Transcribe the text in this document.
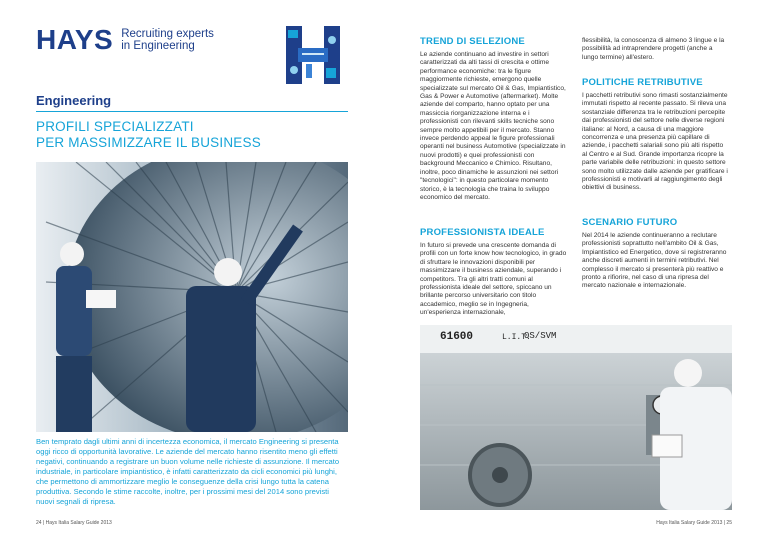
HAYS Recruiting experts
in Engineering
Engineering
PROFILI SPECIALIZZATI
PER MASSIMIZZARE IL BUSINESS
Ben temprato dagli ultimi anni di incertezza economica, il mercato Engineering si presenta oggi ricco di opportunità lavorative. Le aziende del mercato hanno risentito meno gli effetti negativi, continuando a registrare un buon volume nelle richieste di assunzione. Il mercato industriale, in particolare impiantistico, è infatti caratterizzato da cicli economici più lunghi, che permettono di ammortizzare meglio le conseguenze della crisi lungo tutta la catena produttiva. Secondo le stime raccolte, inoltre, per i prossimi mesi del 2014 sono previsti nuovi segnali di ripresa.
24 | Hays Italia Salary Guide 2013
TREND DI SELEZIONE

Le aziende continuano ad investire in settori caratterizzati da alti tassi di crescita e ottime performance economiche: tra le figure maggiormente richieste, emergono quelle specializzate sul mercato Oil & Gas, Impiantistico, Gas & Power e Automotive (aftermarket). Molte aziende del comparto, hanno optato per una massiccia riorganizzazione interna e i professionisti con rilevanti skills tecniche sono sempre molto appetibili per il mercato. Stanno invece perdendo appeal le figure professionali operanti nel business Automotive (specializzate in nuovi prodotti) e quei professionisti con background Meccanico e Chimico. Risultano, inoltre, poco dinamiche le assunzioni nei settori "tecnologici": in questo particolare momento storico, è la tecnologia che traina lo sviluppo economico del mercato.

flessibilità, la conoscenza di almeno 3 lingue e la possibilità ad intraprendere progetti (anche a lungo termine) all'estero.

POLITICHE RETRIBUTIVE

I pacchetti retributivi sono rimasti sostanzialmente immutati rispetto al recente passato. Si rileva una sostanziale differenza tra le retribuzioni percepite dai professionisti del settore nelle diverse regioni italiane: al Nord, a causa di una maggiore concorrenza e una presenza più capillare di aziende, i pacchetti salariali sono più alti rispetto al Centro e al Sud. Grande importanza ricopre la parte variabile delle retribuzioni: in questo settore sono molto utilizzate dalle aziende per gratificare i professionisti e motivarli al raggiungimento degli obiettivi di business.

PROFESSIONISTA IDEALE

In futuro si prevede una crescente domanda di profili con un forte know how tecnologico, in grado di sfruttare le innovazioni disponibili per massimizzare il business aziendale, superando i competitors. Tra gli altri tratti comuni al professionista ideale del settore, spiccano un brillante percorso universitario con titolo accademico, meglio se in Ingegneria, un'esperienza internazionale,

SCENARIO FUTURO

Nel 2014 le aziende continueranno a reclutare professionisti soprattutto nell'ambito Oil & Gas, Impiantistico ed Energetico, dove si registreranno anche discreti aumenti in termini retributivi. Nel complesso il mercato si presenterà più reattivo e pronto a rifiorire, nel caso di una ripresa del mercato nazionale e internazionale.

61600	L.I.T.
0S/SVM
Hays Italia Salary Guide 2013 | 25
